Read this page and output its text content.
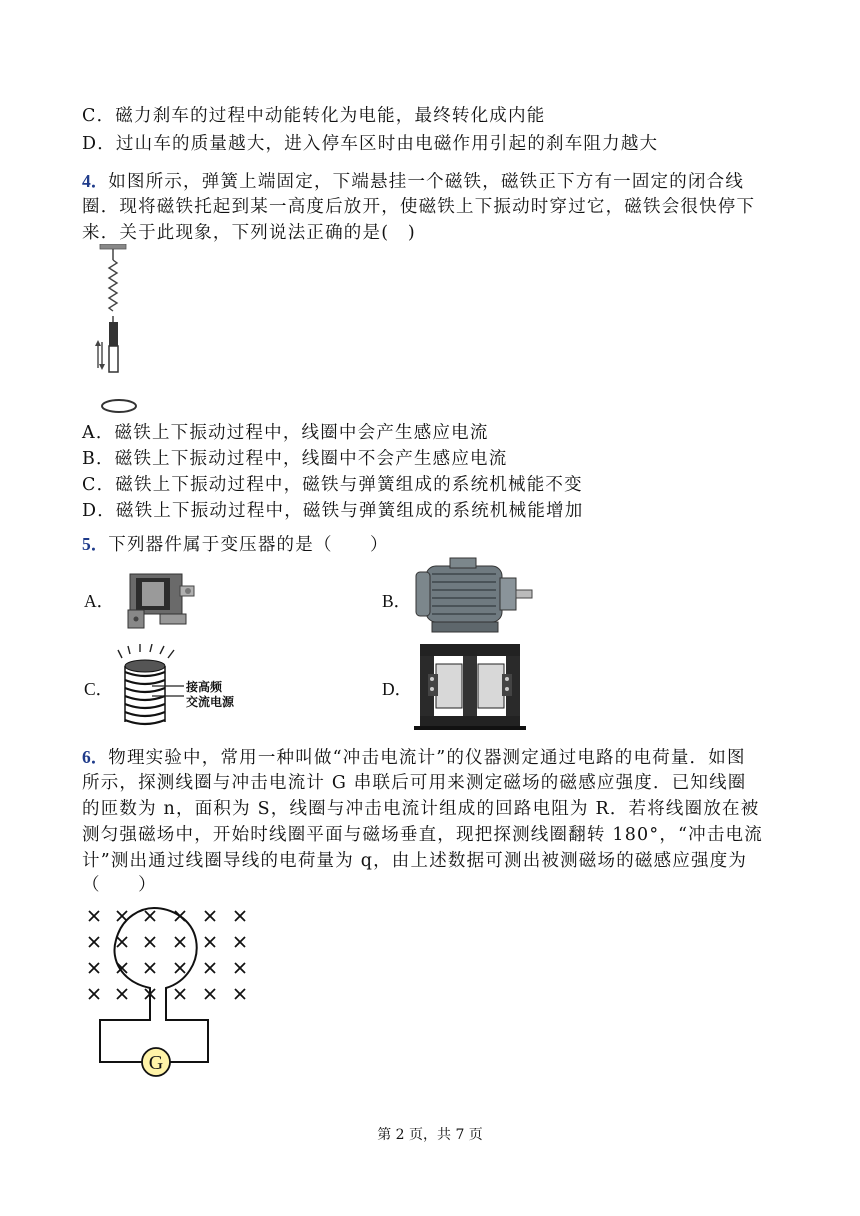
C．磁力刹车的过程中动能转化为电能，最终转化成内能
D．过山车的质量越大，进入停车区时由电磁作用引起的刹车阻力越大
4．如图所示，弹簧上端固定，下端悬挂一个磁铁，磁铁正下方有一固定的闭合线
圈．现将磁铁托起到某一高度后放开，使磁铁上下振动时穿过它，磁铁会很快停下
来．关于此现象，下列说法正确的是(　)
A．磁铁上下振动过程中，线圈中会产生感应电流
B．磁铁上下振动过程中，线圈中不会产生感应电流
C．磁铁上下振动过程中，磁铁与弹簧组成的系统机械能不变
D．磁铁上下振动过程中，磁铁与弹簧组成的系统机械能增加
5．下列器件属于变压器的是（　　）
A．	B．
C．	接高频
交流电源
D．
6．物理实验中，常用一种叫做“冲击电流计”的仪器测定通过电路的电荷量．如图
所示，探测线圈与冲击电流计 G 串联后可用来测定磁场的磁感应强度．已知线圈
的匝数为 n，面积为 S，线圈与冲击电流计组成的回路电阻为 R．若将线圈放在被
测匀强磁场中，开始时线圈平面与磁场垂直，现把探测线圈翻转 180°，“冲击电流
计”测出通过线圈导线的电荷量为 q，由上述数据可测出被测磁场的磁感应强度为
（　　）
G
第 2 页，共 7 页
